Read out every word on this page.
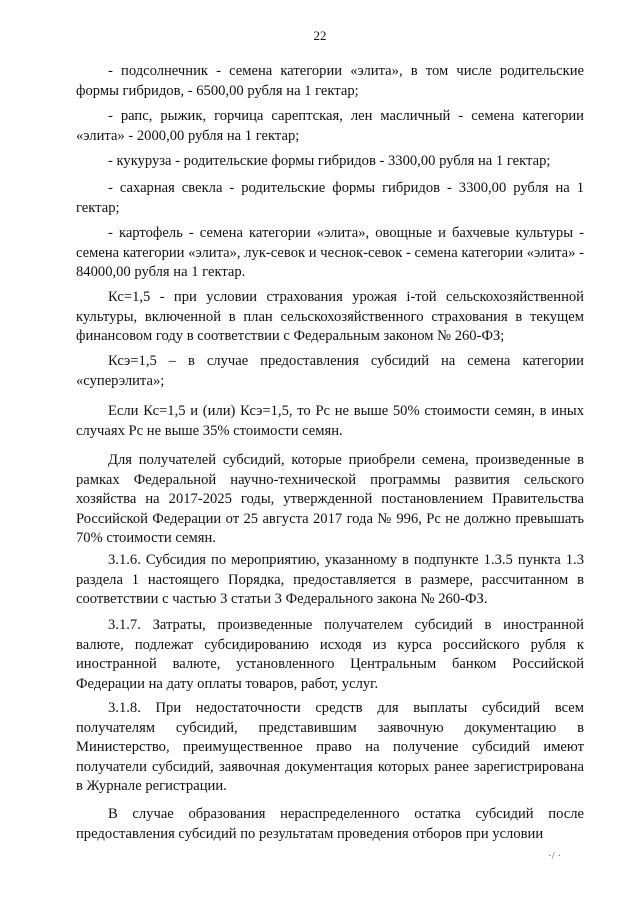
22

- подсолнечник - семена категории «элита», в том числе родительские формы гибридов, - 6500,00 рубля на 1 гектар;

- рапс, рыжик, горчица сарептская, лен масличный - семена категории «элита» - 2000,00 рубля на 1 гектар;

- кукуруза - родительские формы гибридов - 3300,00 рубля на 1 гектар;

- сахарная свекла - родительские формы гибридов - 3300,00 рубля на 1 гектар;

- картофель - семена категории «элита», овощные и бахчевые культуры - семена категории «элита», лук-севок и чеснок-севок - семена категории «элита» - 84000,00 рубля на 1 гектар.

Кс=1,5 - при условии страхования урожая i-той сельскохозяйственной культуры, включенной в план сельскохозяйственного страхования в текущем финансовом году в соответствии с Федеральным законом № 260-ФЗ;

Ксэ=1,5 – в случае предоставления субсидий на семена категории «суперэлита»;

Если Кс=1,5 и (или) Ксэ=1,5, то Рс не выше 50% стоимости семян, в иных случаях Рс не выше 35% стоимости семян.

Для получателей субсидий, которые приобрели семена, произведенные в рамках Федеральной научно-технической программы развития сельского хозяйства на 2017-2025 годы, утвержденной постановлением Правительства Российской Федерации от 25 августа 2017 года № 996, Рс не должно превышать 70% стоимости семян.

3.1.6. Субсидия по мероприятию, указанному в подпункте 1.3.5 пункта 1.3 раздела 1 настоящего Порядка, предоставляется в размере, рассчитанном в соответствии с частью 3 статьи 3 Федерального закона № 260-ФЗ.

3.1.7. Затраты, произведенные получателем субсидий в иностранной валюте, подлежат субсидированию исходя из курса российского рубля к иностранной валюте, установленного Центральным банком Российской Федерации на дату оплаты товаров, работ, услуг.

3.1.8. При недостаточности средств для выплаты субсидий всем получателям субсидий, представившим заявочную документацию в Министерство, преимущественное право на получение субсидий имеют получатели субсидий, заявочная документация которых ранее зарегистрирована в Журнале регистрации.

В случае образования нераспределенного остатка субсидий после предоставления субсидий по результатам проведения отборов при условии

·/ ·
